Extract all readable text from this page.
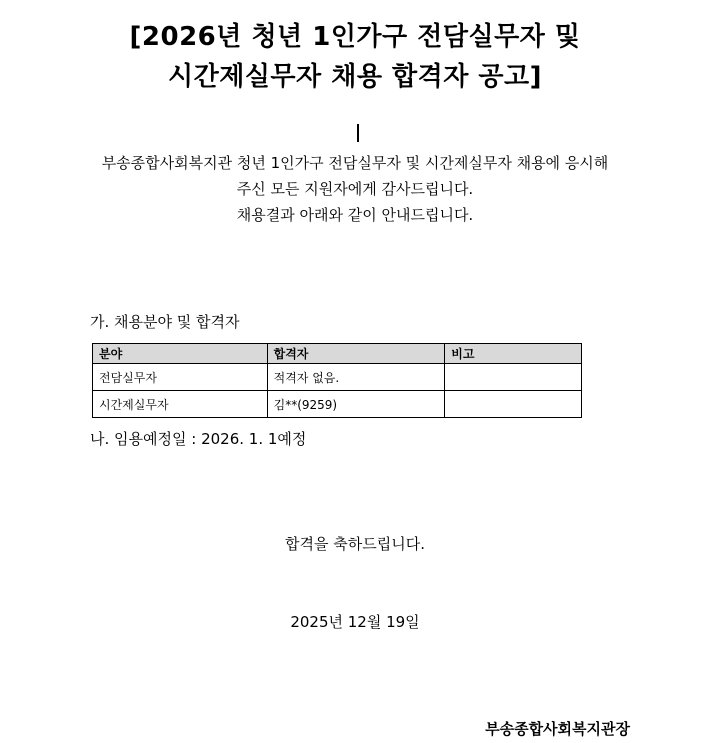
[2026년 청년 1인가구 전담실무자 및
시간제실무자 채용 합격자 공고]
부송종합사회복지관 청년 1인가구 전담실무자 및 시간제실무자 채용에 응시해
주신 모든 지원자에게 감사드립니다.
채용결과 아래와 같이 안내드립니다.
가. 채용분야 및 합격자
분야	합격자	비고
전담실무자	적격자 없음.	
시간제실무자	김**(9259)	
나. 임용예정일 : 2026. 1. 1예정
합격을 축하드립니다.
2025년 12월 19일
부송종합사회복지관장
